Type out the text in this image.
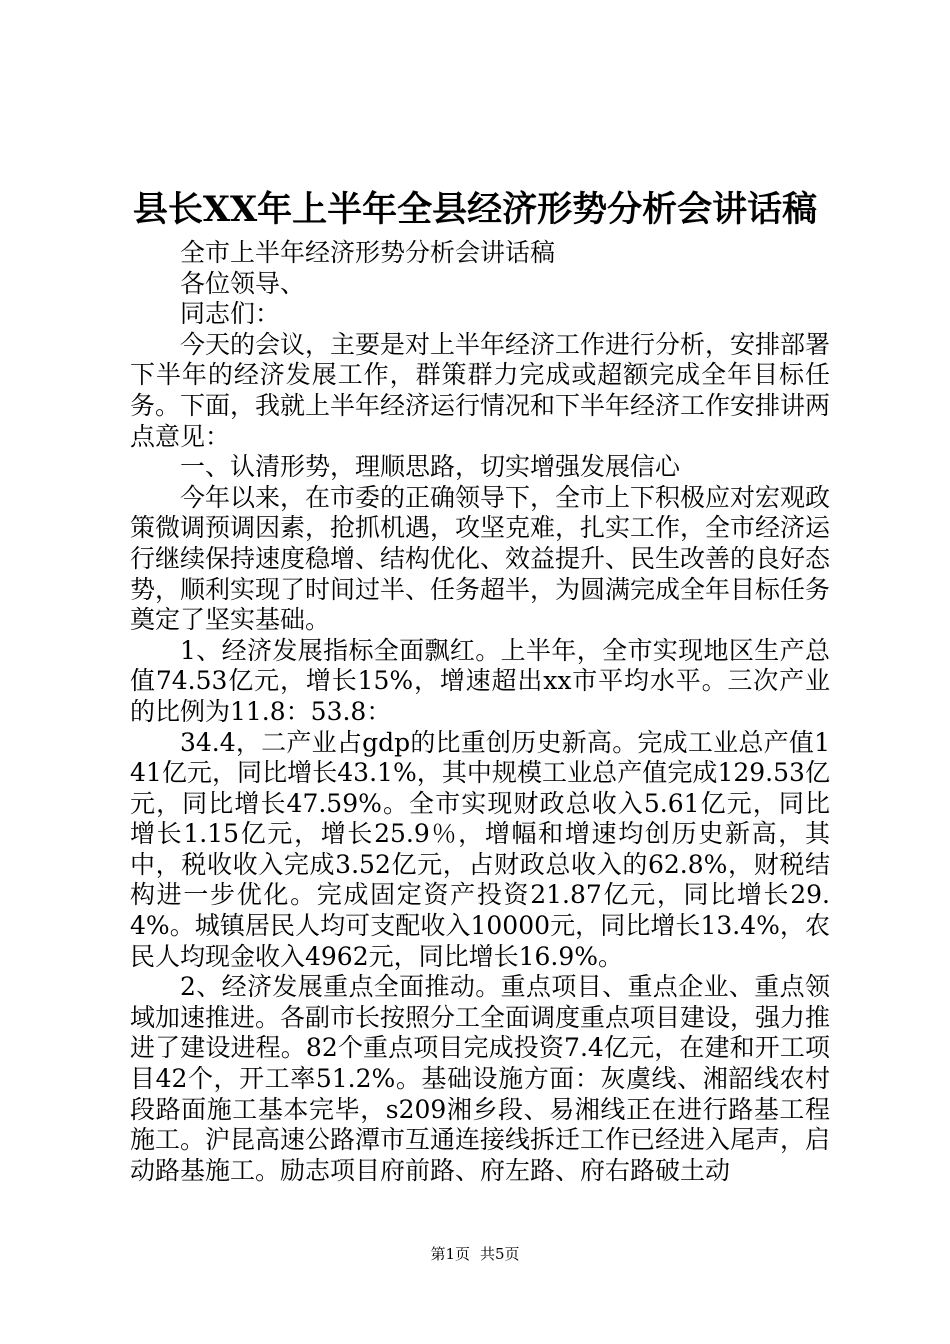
县长XX年上半年全县经济形势分析会讲话稿

全市上半年经济形势分析会讲话稿

各位领导、

同志们：

今天的会议，主要是对上半年经济工作进行分析，安排部署下半年的经济发展工作，群策群力完成或超额完成全年目标任务。下面，我就上半年经济运行情况和下半年经济工作安排讲两点意见：

一、认清形势，理顺思路，切实增强发展信心

今年以来，在市委的正确领导下，全市上下积极应对宏观政策微调预调因素，抢抓机遇，攻坚克难，扎实工作，全市经济运行继续保持速度稳增、结构优化、效益提升、民生改善的良好态势，顺利实现了时间过半、任务超半，为圆满完成全年目标任务奠定了坚实基础。

1、经济发展指标全面飘红。上半年，全市实现地区生产总值74.53亿元，增长15%，增速超出xx市平均水平。三次产业的比例为11.8：53.8：

34.4，二产业占gdp的比重创历史新高。完成工业总产值141亿元，同比增长43.1%，其中规模工业总产值完成129.53亿元，同比增长47.59%。全市实现财政总收入5.61亿元，同比增长1.15亿元，增长25.9％，增幅和增速均创历史新高，其中，税收收入完成3.52亿元，占财政总收入的62.8%，财税结构进一步优化。完成固定资产投资21.87亿元，同比增长29.4%。城镇居民人均可支配收入10000元，同比增长13.4%，农民人均现金收入4962元，同比增长16.9%。

2、经济发展重点全面推动。重点项目、重点企业、重点领域加速推进。各副市长按照分工全面调度重点项目建设，强力推进了建设进程。82个重点项目完成投资7.4亿元，在建和开工项目42个，开工率51.2%。基础设施方面：灰虞线、湘韶线农村段路面施工基本完毕，s209湘乡段、易湘线正在进行路基工程施工。沪昆高速公路潭市互通连接线拆迁工作已经进入尾声，启动路基施工。励志项目府前路、府左路、府右路破土动

第1页 共5页
